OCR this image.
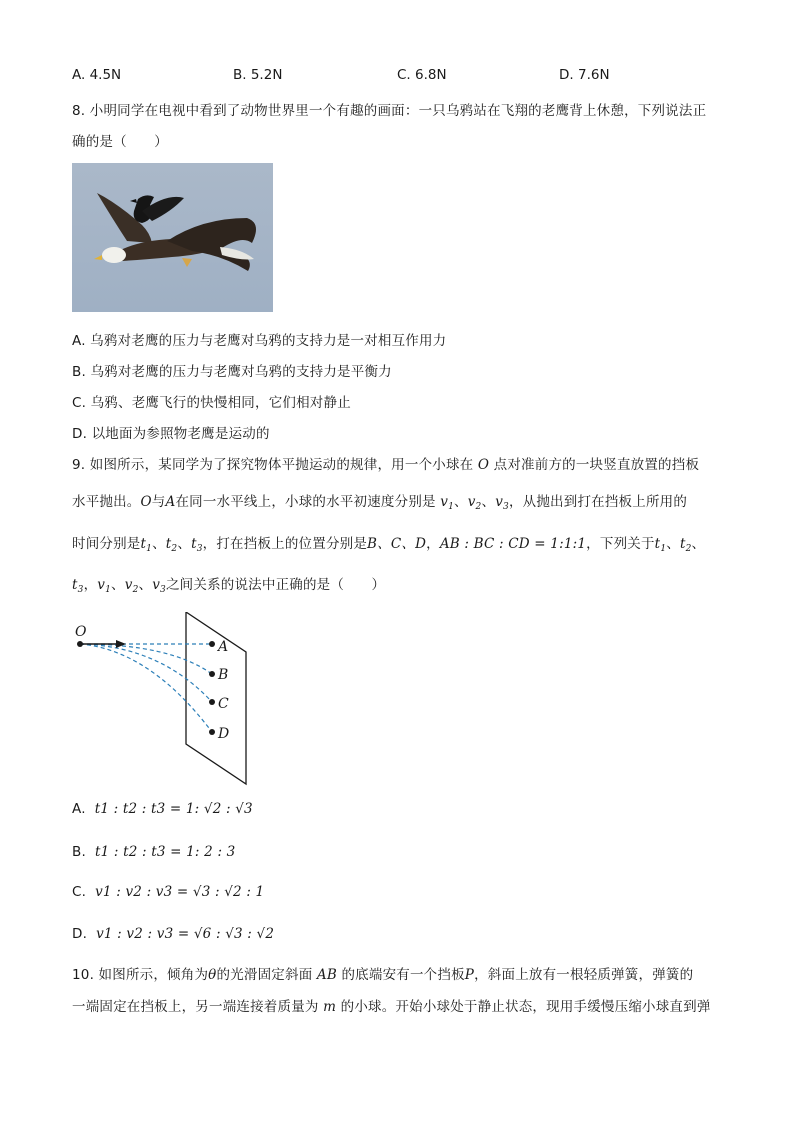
A. 4.5N	B. 5.2N	C. 6.8N	D. 7.6N
8. 小明同学在电视中看到了动物世界里一个有趣的画面：一只乌鸦站在飞翔的老鹰背上休憩，下列说法正
确的是（　　）
A. 乌鸦对老鹰的压力与老鹰对乌鸦的支持力是一对相互作用力
B. 乌鸦对老鹰的压力与老鹰对乌鸦的支持力是平衡力
C. 乌鸦、老鹰飞行的快慢相同，它们相对静止
D. 以地面为参照物老鹰是运动的
9. 如图所示，某同学为了探究物体平抛运动的规律，用一个小球在 O 点对准前方的一块竖直放置的挡板
水平抛出。O与A在同一水平线上，小球的水平初速度分别是 $v_1$、$v_2$、$v_3$，从抛出到打在挡板上所用的
时间分别是$t_1$、$t_2$、$t_3$，打在挡板上的位置分别是B、C、D，AB : BC : CD = 1:1:1，下列关于$t_1$、$t_2$、
$t_3$，$v_1$、$v_2$、$v_3$之间关系的说法中正确的是（　　）
O
A
B
C
D
A. t1 : t2 : t3 = 1: √2 : √3
B. t1 : t2 : t3 = 1: 2 : 3
C. v1 : v2 : v3 = √3 : √2 : 1
D. v1 : v2 : v3 = √6 : √3 : √2
10. 如图所示，倾角为θ的光滑固定斜面 AB 的底端安有一个挡板P，斜面上放有一根轻质弹簧，弹簧的
一端固定在挡板上，另一端连接着质量为 m 的小球。开始小球处于静止状态，现用手缓慢压缩小球直到弹
